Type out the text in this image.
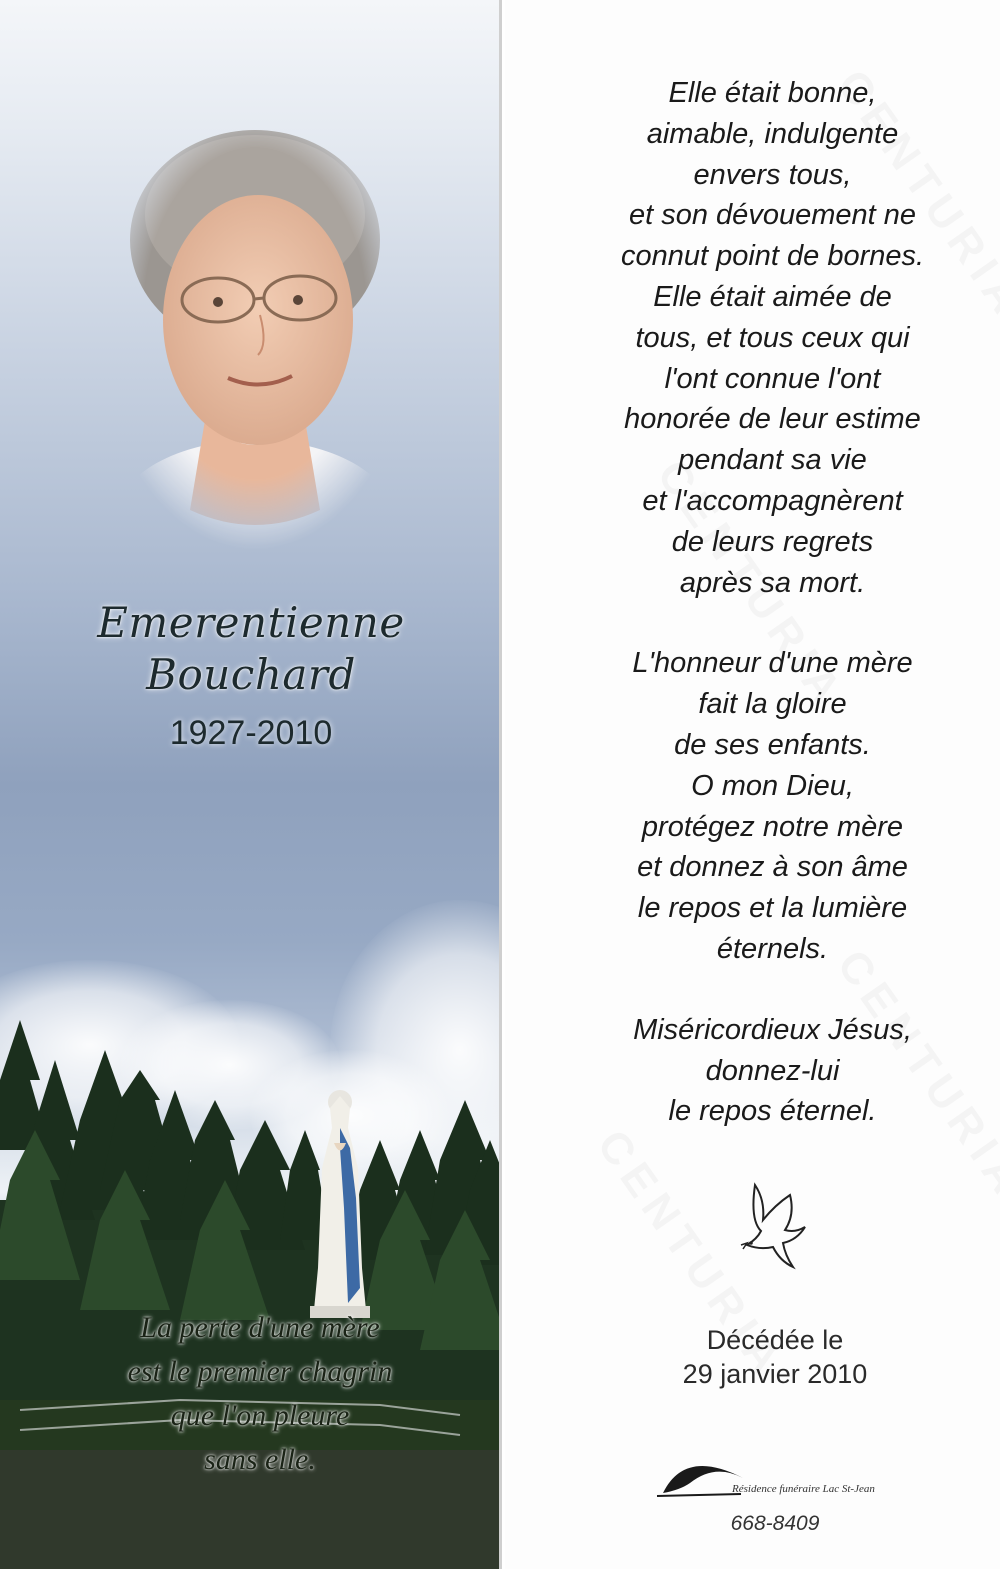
Emerentienne
Bouchard
1927-2010
La perte d'une mère
est le premier chagrin
que l'on pleure
sans elle.
Elle était bonne,
aimable, indulgente
envers tous,
et son dévouement ne
connut point de bornes.
Elle était aimée de
tous, et tous ceux qui
l'ont connue l'ont
honorée de leur estime
pendant sa vie
et l'accompagnèrent
de leurs regrets
après sa mort.
L'honneur d'une mère
fait la gloire
de ses enfants.
O mon Dieu,
protégez notre mère
et donnez à son âme
le repos et la lumière
éternels.
Miséricordieux Jésus,
donnez-lui
le repos éternel.
Décédée le
29 janvier 2010
Résidence funéraire Lac St-Jean
668-8409
